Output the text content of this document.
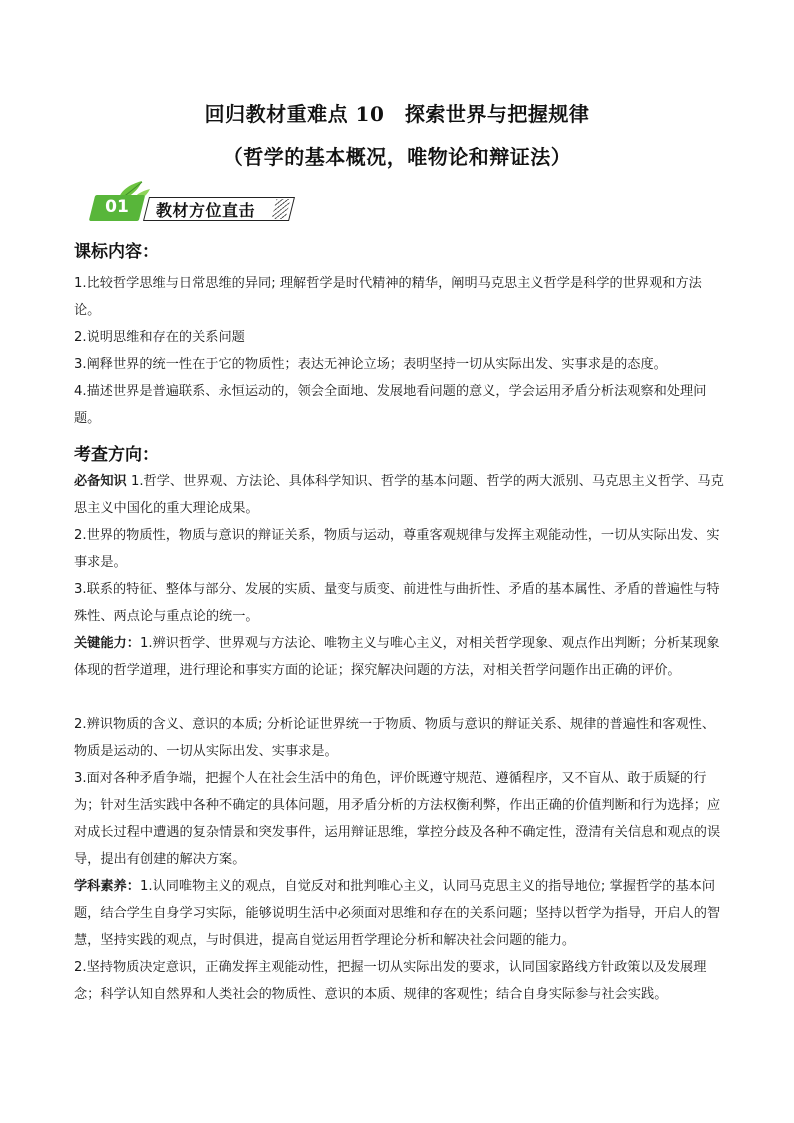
回归教材重难点 10　探索世界与把握规律
（哲学的基本概况，唯物论和辩证法）
01	教材方位直击
课标内容：
1.比较哲学思维与日常思维的异同; 理解哲学是时代精神的精华，阐明马克思主义哲学是科学的世界观和方法论。
2.说明思维和存在的关系问题
3.阐释世界的统一性在于它的物质性；表达无神论立场；表明坚持一切从实际出发、实事求是的态度。
4.描述世界是普遍联系、永恒运动的，领会全面地、发展地看问题的意义，学会运用矛盾分析法观察和处理问题。
考查方向：
必备知识 1.哲学、世界观、方法论、具体科学知识、哲学的基本问题、哲学的两大派别、马克思主义哲学、马克思主义中国化的重大理论成果。
2.世界的物质性，物质与意识的辩证关系，物质与运动，尊重客观规律与发挥主观能动性，一切从实际出发、实事求是。
3.联系的特征、整体与部分、发展的实质、量变与质变、前进性与曲折性、矛盾的基本属性、矛盾的普遍性与特殊性、两点论与重点论的统一。
关键能力：1.辨识哲学、世界观与方法论、唯物主义与唯心主义，对相关哲学现象、观点作出判断；分析某现象体现的哲学道理，进行理论和事实方面的论证；探究解决问题的方法，对相关哲学问题作出正确的评价。
2.辨识物质的含义、意识的本质; 分析论证世界统一于物质、物质与意识的辩证关系、规律的普遍性和客观性、物质是运动的、一切从实际出发、实事求是。
3.面对各种矛盾争端，把握个人在社会生活中的角色，评价既遵守规范、遵循程序，又不盲从、敢于质疑的行为；针对生活实践中各种不确定的具体问题，用矛盾分析的方法权衡利弊，作出正确的价值判断和行为选择；应对成长过程中遭遇的复杂情景和突发事件，运用辩证思维，掌控分歧及各种不确定性，澄清有关信息和观点的误导，提出有创建的解决方案。
学科素养：1.认同唯物主义的观点，自觉反对和批判唯心主义，认同马克思主义的指导地位; 掌握哲学的基本问题，结合学生自身学习实际，能够说明生活中必须面对思维和存在的关系问题；坚持以哲学为指导，开启人的智慧，坚持实践的观点，与时俱进，提高自觉运用哲学理论分析和解决社会问题的能力。
2.坚持物质决定意识，正确发挥主观能动性，把握一切从实际出发的要求，认同国家路线方针政策以及发展理念；科学认知自然界和人类社会的物质性、意识的本质、规律的客观性；结合自身实际参与社会实践。
